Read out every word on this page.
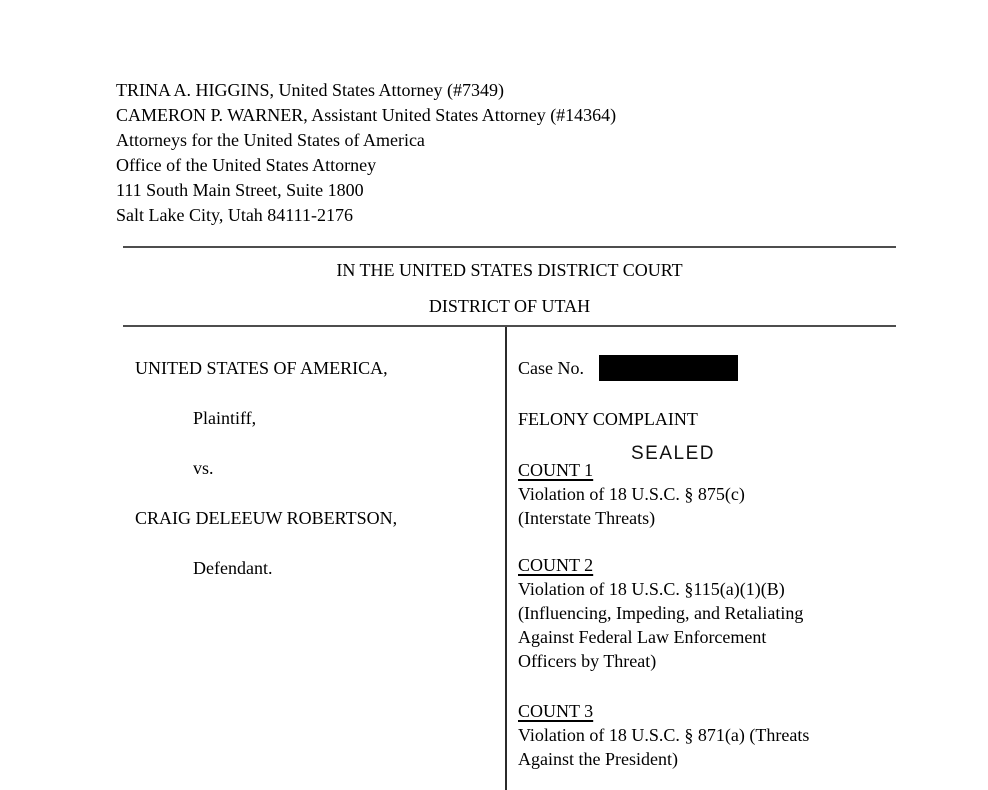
TRINA A. HIGGINS, United States Attorney (#7349)
CAMERON P. WARNER, Assistant United States Attorney (#14364)
Attorneys for the United States of America
Office of the United States Attorney
111 South Main Street, Suite 1800
Salt Lake City, Utah 84111-2176
IN THE UNITED STATES DISTRICT COURT
DISTRICT OF UTAH
UNITED STATES OF AMERICA,
Plaintiff,
vs.
CRAIG DELEEUW ROBERTSON,
Defendant.
Case No.
FELONY COMPLAINT
COUNT 1
Violation of 18 U.S.C. § 875(c)
(Interstate Threats)
COUNT 2
Violation of 18 U.S.C. §115(a)(1)(B)
(Influencing, Impeding, and Retaliating
Against Federal Law Enforcement
Officers by Threat)
COUNT 3
Violation of 18 U.S.C. § 871(a) (Threats
Against the President)
SEALED
